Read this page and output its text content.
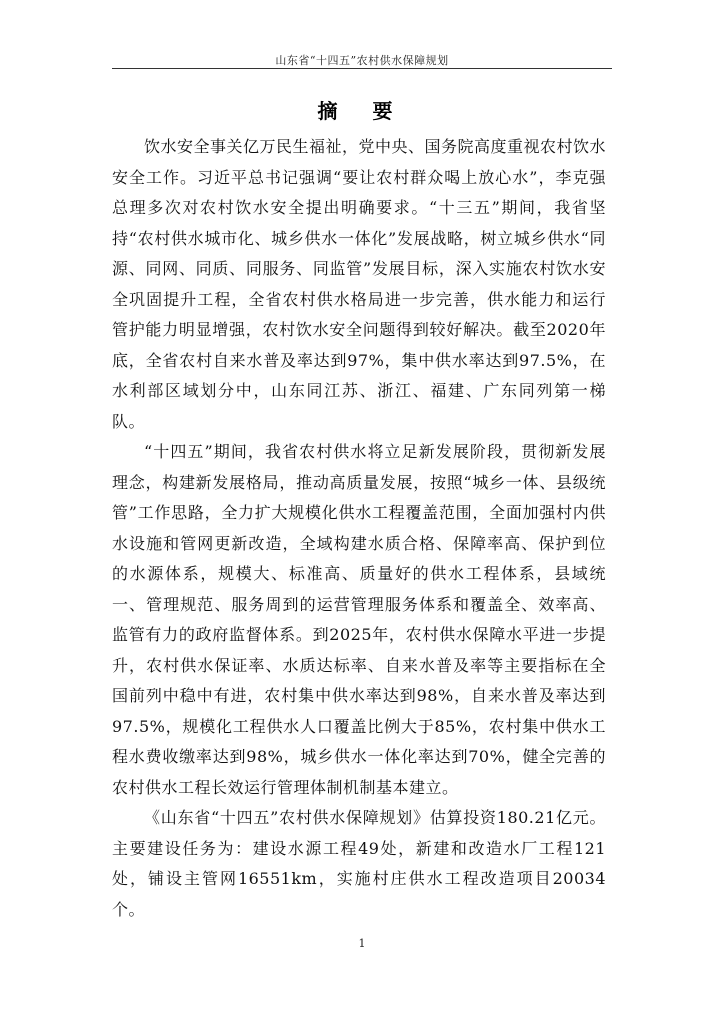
山东省“十四五”农村供水保障规划
摘 要

饮水安全事关亿万民生福祉，党中央、国务院高度重视农村饮水安全工作。习近平总书记强调“要让农村群众喝上放心水”，李克强总理多次对农村饮水安全提出明确要求。“十三五”期间，我省坚持“农村供水城市化、城乡供水一体化”发展战略，树立城乡供水“同源、同网、同质、同服务、同监管”发展目标，深入实施农村饮水安全巩固提升工程，全省农村供水格局进一步完善，供水能力和运行管护能力明显增强，农村饮水安全问题得到较好解决。截至2020年底，全省农村自来水普及率达到97%，集中供水率达到97.5%，在水利部区域划分中，山东同江苏、浙江、福建、广东同列第一梯队。

“十四五”期间，我省农村供水将立足新发展阶段，贯彻新发展理念，构建新发展格局，推动高质量发展，按照“城乡一体、县级统管”工作思路，全力扩大规模化供水工程覆盖范围，全面加强村内供水设施和管网更新改造，全域构建水质合格、保障率高、保护到位的水源体系，规模大、标准高、质量好的供水工程体系，县域统一、管理规范、服务周到的运营管理服务体系和覆盖全、效率高、监管有力的政府监督体系。到2025年，农村供水保障水平进一步提升，农村供水保证率、水质达标率、自来水普及率等主要指标在全国前列中稳中有进，农村集中供水率达到98%，自来水普及率达到97.5%，规模化工程供水人口覆盖比例大于85%，农村集中供水工程水费收缴率达到98%，城乡供水一体化率达到70%，健全完善的农村供水工程长效运行管理体制机制基本建立。

《山东省“十四五”农村供水保障规划》估算投资180.21亿元。主要建设任务为：建设水源工程49处，新建和改造水厂工程121处，铺设主管网16551km，实施村庄供水工程改造项目20034个。

1
